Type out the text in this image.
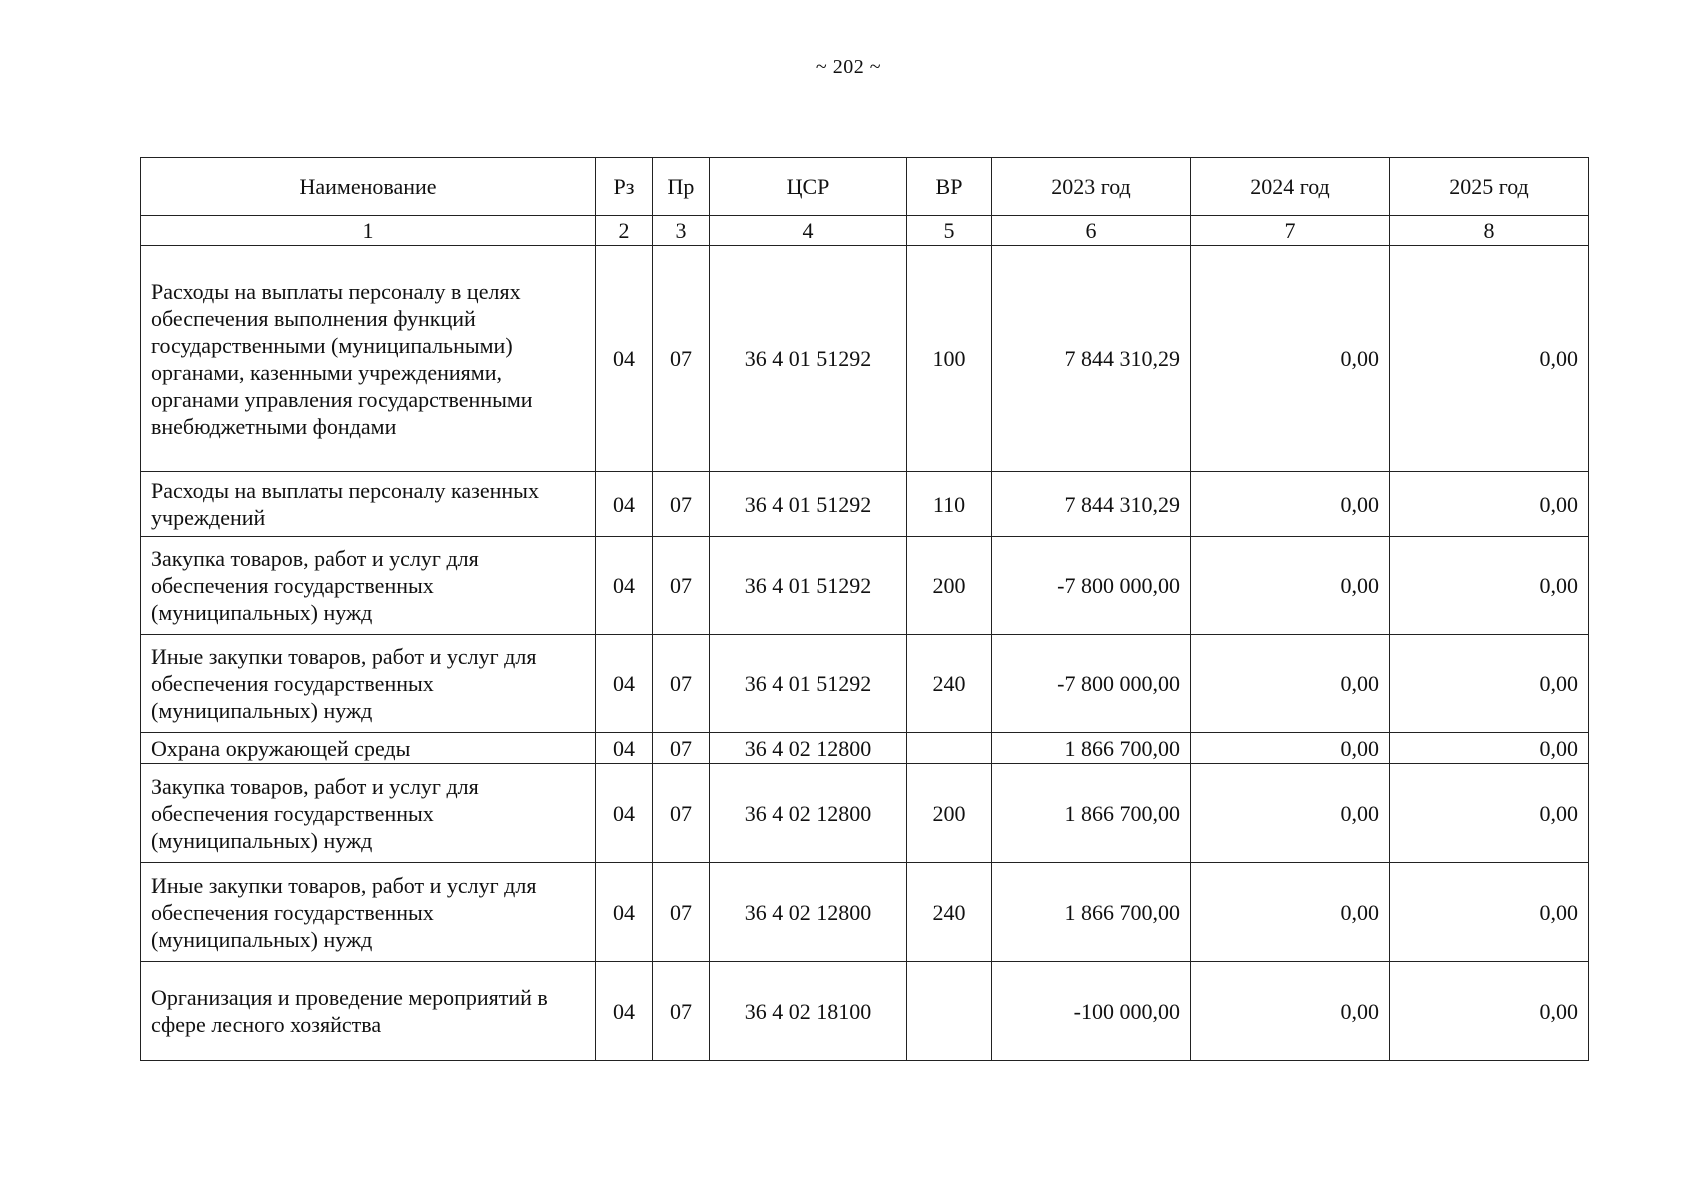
~ 202 ~
Наименование	Рз	Пр	ЦСР	ВР	2023 год	2024 год	2025 год
1	2	3	4	5	6	7	8
Расходы на выплаты персоналу в целях обеспечения выполнения функций государственными (муниципальными) органами, казенными учреждениями, органами управления государственными внебюджетными фондами	04	07	36 4 01 51292	100	7 844 310,29	0,00	0,00
Расходы на выплаты персоналу казенных учреждений	04	07	36 4 01 51292	110	7 844 310,29	0,00	0,00
Закупка товаров, работ и услуг для обеспечения государственных (муниципальных) нужд	04	07	36 4 01 51292	200	-7 800 000,00	0,00	0,00
Иные закупки товаров, работ и услуг для обеспечения государственных (муниципальных) нужд	04	07	36 4 01 51292	240	-7 800 000,00	0,00	0,00
Охрана окружающей среды	04	07	36 4 02 12800		1 866 700,00	0,00	0,00
Закупка товаров, работ и услуг для обеспечения государственных (муниципальных) нужд	04	07	36 4 02 12800	200	1 866 700,00	0,00	0,00
Иные закупки товаров, работ и услуг для обеспечения государственных (муниципальных) нужд	04	07	36 4 02 12800	240	1 866 700,00	0,00	0,00
Организация и проведение мероприятий в сфере лесного хозяйства	04	07	36 4 02 18100		-100 000,00	0,00	0,00
